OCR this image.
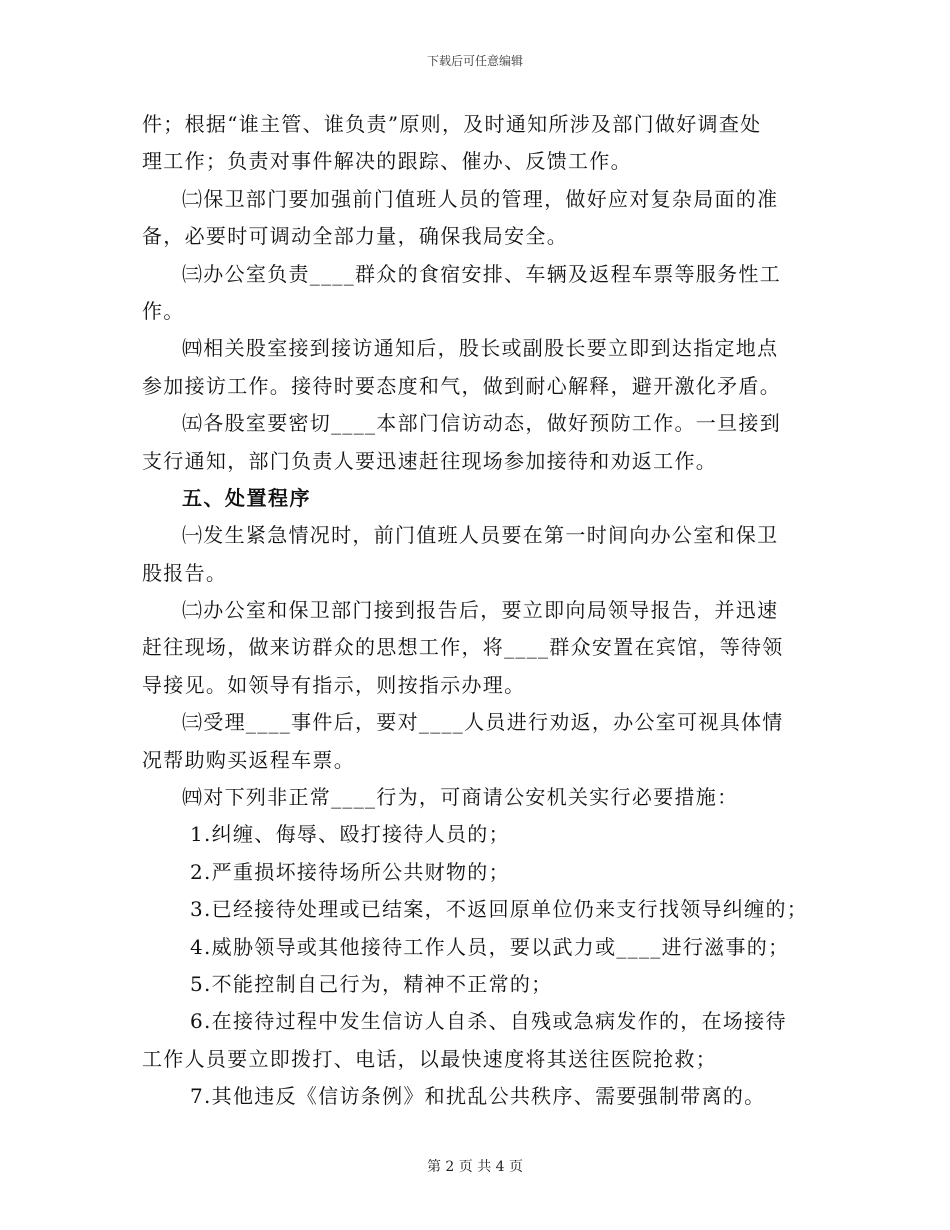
下载后可任意编辑
件；根据“谁主管、谁负责”原则，及时通知所涉及部门做好调查处
理工作；负责对事件解决的跟踪、催办、反馈工作。
㈡保卫部门要加强前门值班人员的管理，做好应对复杂局面的准
备，必要时可调动全部力量，确保我局安全。
㈢办公室负责____群众的食宿安排、车辆及返程车票等服务性工
作。
㈣相关股室接到接访通知后，股长或副股长要立即到达指定地点
参加接访工作。接待时要态度和气，做到耐心解释，避开激化矛盾。
㈤各股室要密切____本部门信访动态，做好预防工作。一旦接到
支行通知，部门负责人要迅速赶往现场参加接待和劝返工作。
五、处置程序
㈠发生紧急情况时，前门值班人员要在第一时间向办公室和保卫
股报告。
㈡办公室和保卫部门接到报告后，要立即向局领导报告，并迅速
赶往现场，做来访群众的思想工作，将____群众安置在宾馆，等待领
导接见。如领导有指示，则按指示办理。
㈢受理____事件后，要对____人员进行劝返，办公室可视具体情
况帮助购买返程车票。
㈣对下列非正常____行为，可商请公安机关实行必要措施：
1.纠缠、侮辱、殴打接待人员的；
2.严重损坏接待场所公共财物的；
3.已经接待处理或已结案，不返回原单位仍来支行找领导纠缠的；
4.威胁领导或其他接待工作人员，要以武力或____进行滋事的；
5.不能控制自己行为，精神不正常的；
6.在接待过程中发生信访人自杀、自残或急病发作的，在场接待
工作人员要立即拨打、电话，以最快速度将其送往医院抢救；
7.其他违反《信访条例》和扰乱公共秩序、需要强制带离的。
第 2 页 共 4 页
